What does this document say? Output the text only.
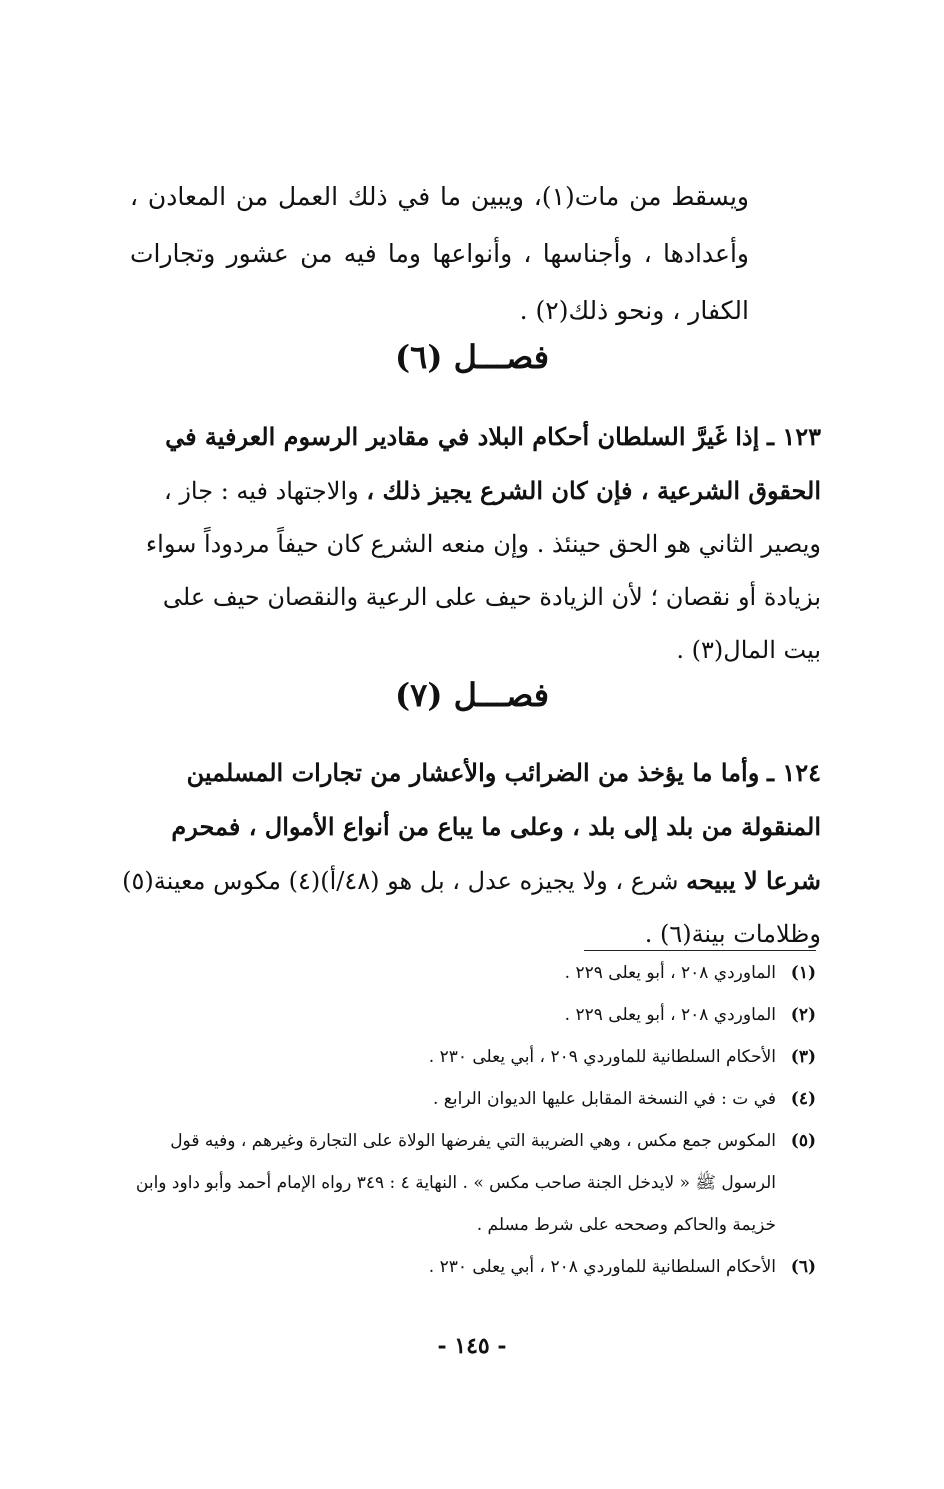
ويسقط من مات(١)، ويبين ما في ذلك العمل من المعادن ، وأعدادها ، وأجناسها ، وأنواعها وما فيه من عشور وتجارات الكفار ، ونحو ذلك(٢) .
فصـــل (٦)
١٢٣ ـ إذا غَيرَّ السلطان أحكام البلاد في مقادير الرسوم العرفية في الحقوق الشرعية ، فإن كان الشرع يجيز ذلك ، والاجتهاد فيه : جاز ، ويصير الثاني هو الحق حينئذ . وإن منعه الشرع كان حيفاً مردوداً سواء بزيادة أو نقصان ؛ لأن الزيادة حيف على الرعية والنقصان حيف على بيت المال(٣) .
فصـــل (٧)
١٢٤ ـ وأما ما يؤخذ من الضرائب والأعشار من تجارات المسلمين المنقولة من بلد إلى بلد ، وعلى ما يباع من أنواع الأموال ، فمحرم شرعا لا يبيحه شرع ، ولا يجيزه عدل ، بل هو (٤٨/أ)(٤) مكوس معينة(٥) وظلامات بينة(٦) .
(١)
الماوردي ٢٠٨ ، أبو يعلى ٢٢٩ .
(٢)
الماوردي ٢٠٨ ، أبو يعلى ٢٢٩ .
(٣)
الأحكام السلطانية للماوردي ٢٠٩ ، أبي يعلى ٢٣٠ .
(٤)
في ت : في النسخة المقابل عليها الديوان الرابع .
(٥)
المكوس جمع مكس ، وهي الضريبة التي يفرضها الولاة على التجارة وغيرهم ، وفيه قول الرسول ﷺ « لايدخل الجنة صاحب مكس » . النهاية ٤ : ٣٤٩ رواه الإمام أحمد وأبو داود وابن خزيمة والحاكم وصححه على شرط مسلم .
(٦)
الأحكام السلطانية للماوردي ٢٠٨ ، أبي يعلى ٢٣٠ .
- ١٤٥ -
